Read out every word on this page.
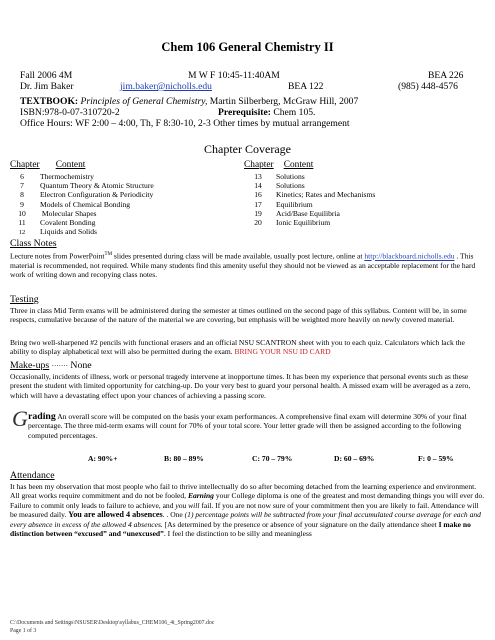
Chem 106 General Chemistry II
Fall 2006 4M	M W F 10:45-11:40AM	BEA 226
Dr. Jim Baker	jim.baker@nicholls.edu	BEA 122	(985) 448-4576
TEXTBOOK: Principles of General Chemistry, Martin Silberberg, McGraw Hill, 2007
ISBN:978-0-07-310720-2	Prerequisite: Chem 105.
Office Hours: WF 2:00 – 4:00, Th, F 8:30-10, 2-3 Other times by mutual arrangement
Chapter Coverage
Chapter Content	Chapter Content
6 Thermochemistry
7 Quantum Theory & Atomic Structure
8 Electron Configuration & Periodicity
9 Models of Chemical Bonding
10 Molecular Shapes
11 Covalent Bonding
12 Liquids and Solids
13 Solutions
14 Solutions
16 Kinetics; Rates and Mechanisms
17 Equilibrium
19 Acid/Base Equilibria
20 Ionic Equilibrium
Class Notes
Lecture notes from PowerPoint™ slides presented during class will be made available, usually post lecture, online at http://blackboard.nicholls.edu . This material is recommended, not required. While many students find this amenity useful they should not be viewed as an acceptable replacement for the hard work of writing down and recopying class notes.
Testing
Three in class Mid Term exams will be administered during the semester at times outlined on the second page of this syllabus. Content will be, in some respects, cumulative because of the nature of the material we are covering, but emphasis will be weighted more heavily on newly covered material.
Bring two well-sharpened #2 pencils with functional erasers and an official NSU SCANTRON sheet with you to each quiz. Calculators which lack the ability to display alphabetical text will also be permitted during the exam. BRING YOUR NSU ID CARD
Make-ups ······· None
Occasionally, incidents of illness, work or personal tragedy intervene at inopportune times. It has been my experience that personal events such as these present the student with limited opportunity for catching-up. Do your very best to guard your personal health. A missed exam will be averaged as a zero, which will have a devastating effect upon your chances of achieving a passing score.
G rading An overall score will be computed on the basis your exam performances. A comprehensive final exam will determine 30% of your final percentage. The three mid-term exams will count for 70% of your total score. Your letter grade will then be assigned according to the following computed percentages.
A: 90%+	B: 80 – 89%	C: 70 – 79%	D: 60 – 69%	F: 0 – 59%
Attendance
It has been my observation that most people who fail to thrive intellectually do so after becoming detached from the learning experience and environment. All great works require commitment and do not be fooled, Earning your College diploma is one of the greatest and most demanding things you will ever do. Failure to commit only leads to failure to achieve, and you will fail. If you are not now sure of your commitment then you are likely to fail. Attendance will be measured daily. You are allowed 4 absences. . One (1) percentage points will be subtracted from your final accumulated course average for each and every absence in excess of the allowed 4 absences. [As determined by the presence or absence of your signature on the daily attendance sheet I make no distinction between “excused” and “unexcused”. I feel the distinction to be silly and meaningless
C:\Documents and Settings\NSUSER\Desktop\syllabus_CHEM106_4t_Spring2007.doc
Page 1 of 3
